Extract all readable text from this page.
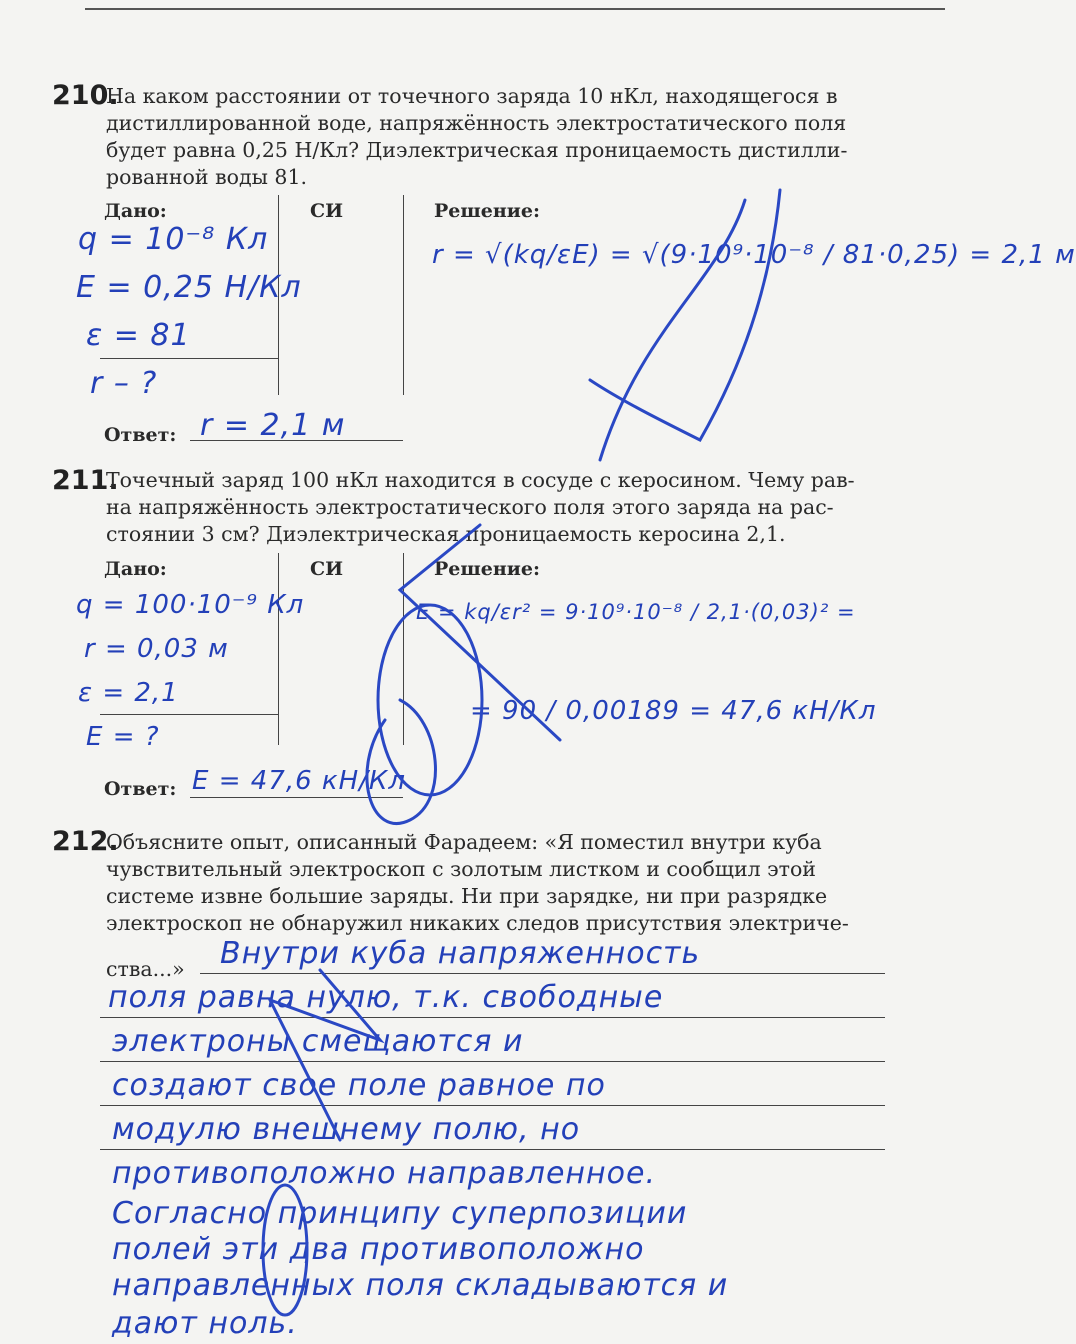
210.
На каком расстоянии от точечного заряда 10 нКл, находящегося в
дистиллированной воде, напряжённость электростатического поля
будет равна 0,25 Н/Кл? Диэлектрическая проницаемость дистилли-
рованной воды 81.
Дано:	СИ	Решение:
q = 10⁻⁸ Кл
E = 0,25 Н/Кл
ε = 81
r – ?
r = √(kq/εE) = √(9·10⁹·10⁻⁸ / 81·0,25) = 2,1 м
Ответ: r = 2,1 м
211.
Точечный заряд 100 нКл находится в сосуде с керосином. Чему рав-
на напряжённость электростатического поля этого заряда на рас-
стоянии 3 см? Диэлектрическая проницаемость керосина 2,1.
Дано:	СИ	Решение:
q = 100·10⁻⁹ Кл
r = 0,03 м
ε = 2,1
E = ?
E = kq/εr² = 9·10⁹·10⁻⁸ / 2,1·(0,03)² =
= 90 / 0,00189 = 47,6 кН/Кл
Ответ: E = 47,6 кН/Кл
212.
Объясните опыт, описанный Фарадеем: «Я поместил внутри куба
чувствительный электроскоп с золотым листком и сообщил этой
системе извне большие заряды. Ни при зарядке, ни при разрядке
электроскоп не обнаружил никаких следов присутствия электриче-
ства...» Внутри куба напряженность
поля равна нулю, т.к. свободные
электроны смещаются и
создают свое поле равное по
модулю внешнему полю, но
противоположно направленное.
Согласно принципу суперпозиции
полей эти два противоположно
направленных поля складываются и
дают ноль.
